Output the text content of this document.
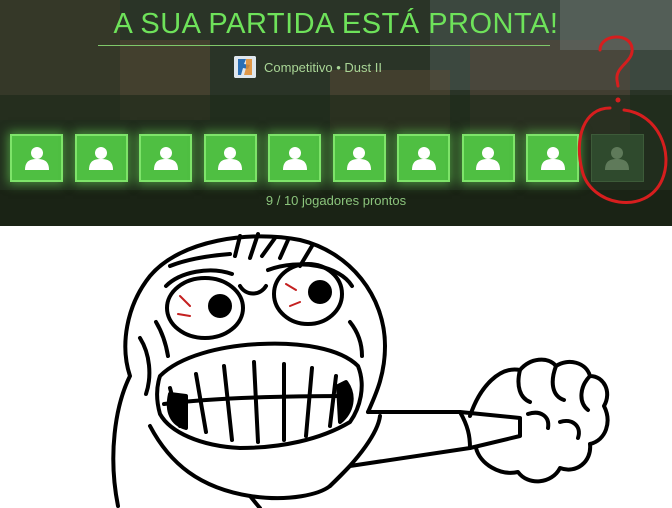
A SUA PARTIDA ESTÁ PRONTA!
Competitivo • Dust II
9 / 10 jogadores prontos
